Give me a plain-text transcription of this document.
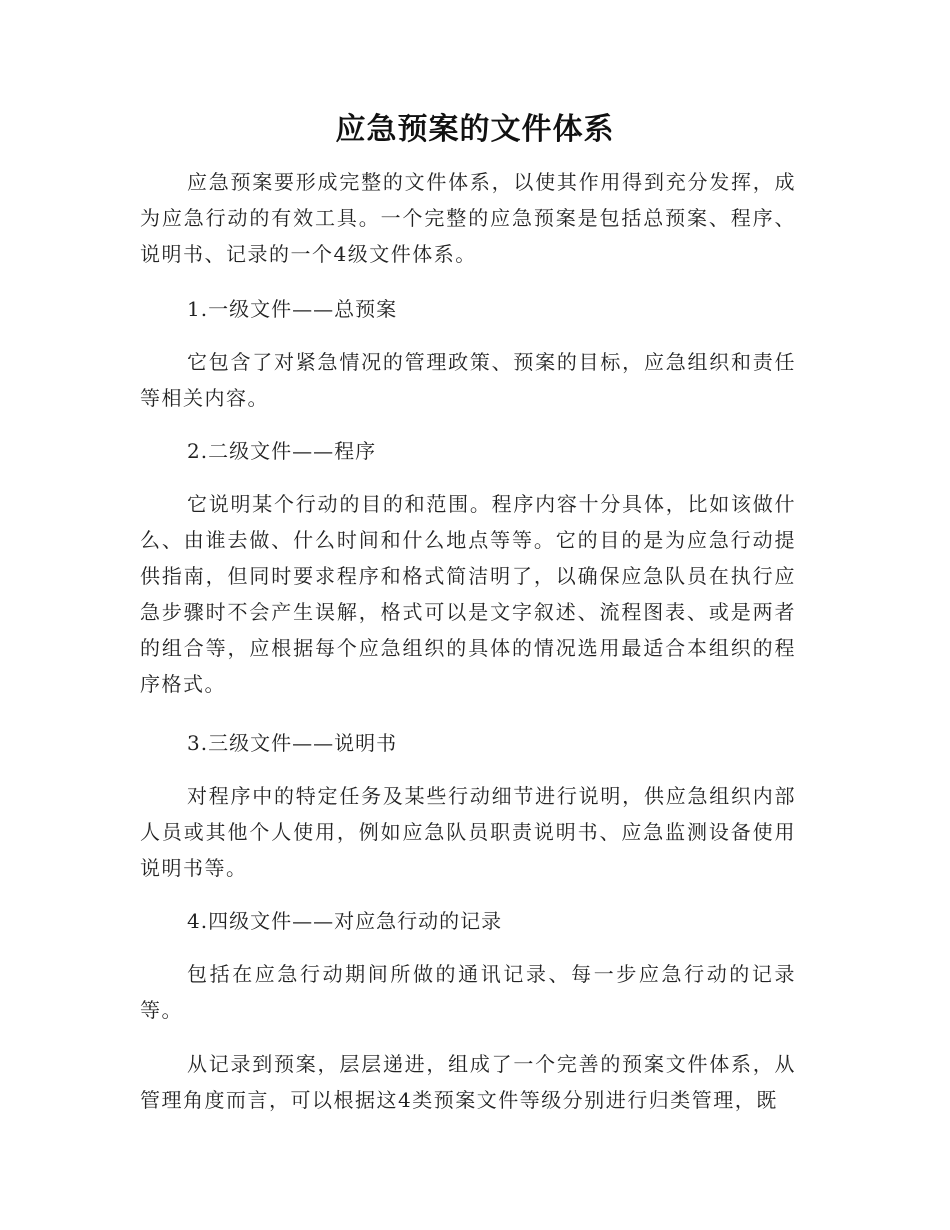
应急预案的文件体系

应急预案要形成完整的文件体系，以使其作用得到充分发挥，成为应急行动的有效工具。一个完整的应急预案是包括总预案、程序、说明书、记录的一个4级文件体系。

1.一级文件——总预案

它包含了对紧急情况的管理政策、预案的目标，应急组织和责任等相关内容。

2.二级文件——程序

它说明某个行动的目的和范围。程序内容十分具体，比如该做什么、由谁去做、什么时间和什么地点等等。它的目的是为应急行动提供指南，但同时要求程序和格式简洁明了，以确保应急队员在执行应急步骤时不会产生误解，格式可以是文字叙述、流程图表、或是两者的组合等，应根据每个应急组织的具体的情况选用最适合本组织的程序格式。

3.三级文件——说明书

对程序中的特定任务及某些行动细节进行说明，供应急组织内部人员或其他个人使用，例如应急队员职责说明书、应急监测设备使用说明书等。

4.四级文件——对应急行动的记录

包括在应急行动期间所做的通讯记录、每一步应急行动的记录等。

从记录到预案，层层递进，组成了一个完善的预案文件体系，从管理角度而言，可以根据这4类预案文件等级分别进行归类管理，既
